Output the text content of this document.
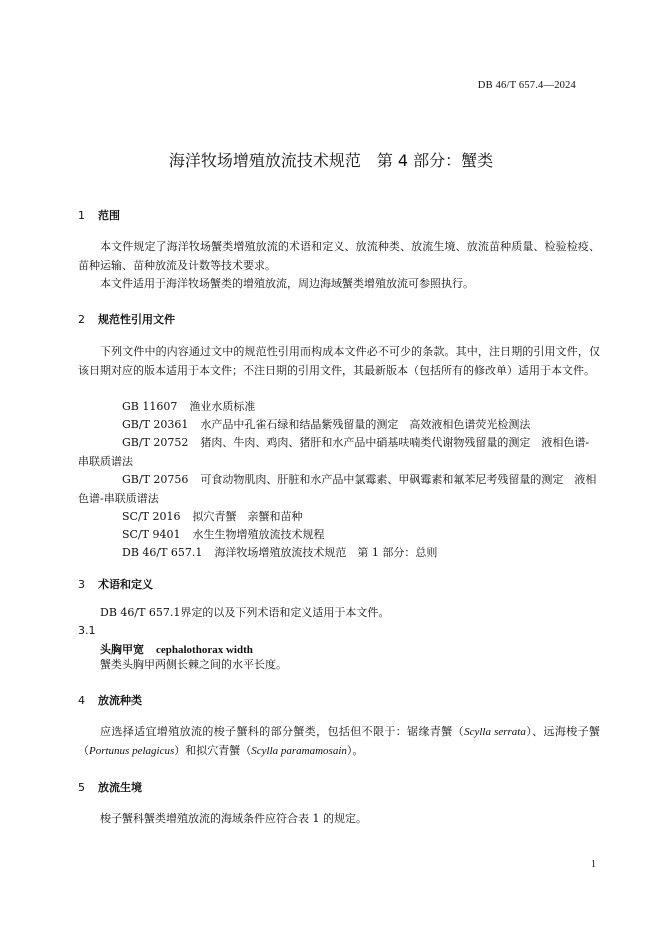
DB 46/T 657.4—2024
海洋牧场增殖放流技术规范　第 4 部分：蟹类
1 范围
本文件规定了海洋牧场蟹类增殖放流的术语和定义、放流种类、放流生境、放流苗种质量、检验检疫、苗种运输、苗种放流及计数等技术要求。
本文件适用于海洋牧场蟹类的增殖放流，周边海域蟹类增殖放流可参照执行。
2 规范性引用文件
下列文件中的内容通过文中的规范性引用而构成本文件必不可少的条款。其中，注日期的引用文件，仅该日期对应的版本适用于本文件；不注日期的引用文件，其最新版本（包括所有的修改单）适用于本文件。
GB 11607 渔业水质标准
GB/T 20361 水产品中孔雀石绿和结晶紫残留量的测定　高效液相色谱荧光检测法
GB/T 20752 猪肉、牛肉、鸡肉、猪肝和水产品中硝基呋喃类代谢物残留量的测定　液相色谱-串联质谱法
GB/T 20756 可食动物肌肉、肝脏和水产品中氯霉素、甲砜霉素和氟苯尼考残留量的测定　液相色谱-串联质谱法
SC/T 2016 拟穴青蟹　亲蟹和苗种
SC/T 9401 水生生物增殖放流技术规程
DB 46/T 657.1 海洋牧场增殖放流技术规范　第 1 部分：总则
3 术语和定义
DB 46/T 657.1界定的以及下列术语和定义适用于本文件。
3.1
头胸甲宽 cephalothorax width
蟹类头胸甲两侧长棘之间的水平长度。
4 放流种类
应选择适宜增殖放流的梭子蟹科的部分蟹类，包括但不限于：锯缘青蟹（Scylla serrata）、远海梭子蟹（Portunus pelagicus）和拟穴青蟹（Scylla paramamosain）。
5 放流生境
梭子蟹科蟹类增殖放流的海域条件应符合表 1 的规定。
1
